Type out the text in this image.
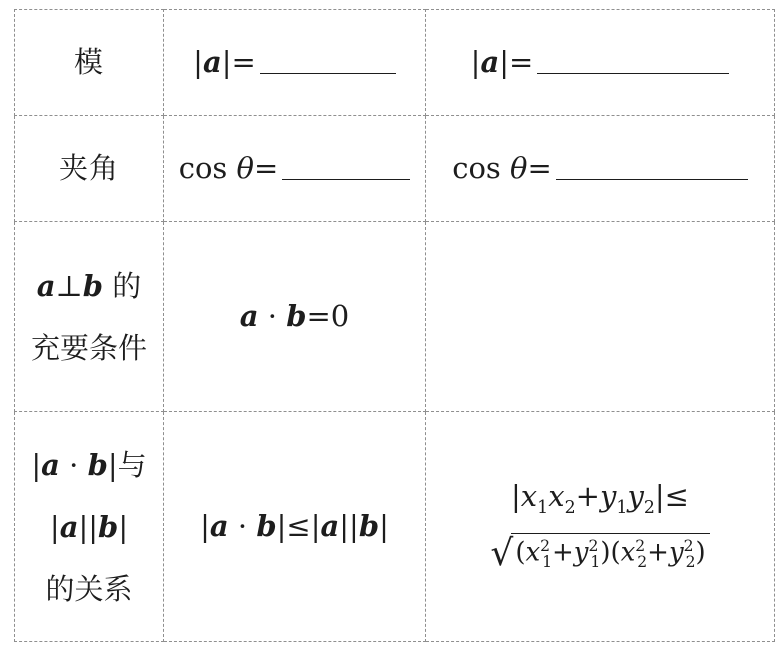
模	|a|=	|a|=
夹角	cos θ=	cos θ=

a⊥b 的
充要条件	a · b=0	

|a · b|与
|a||b|
的关系	|a · b|≤|a||b|	$|x_1x_2+y_1y_2|\le$
√ $(x^2_1+y^2_1)(x^2_2+y^2_2)$
